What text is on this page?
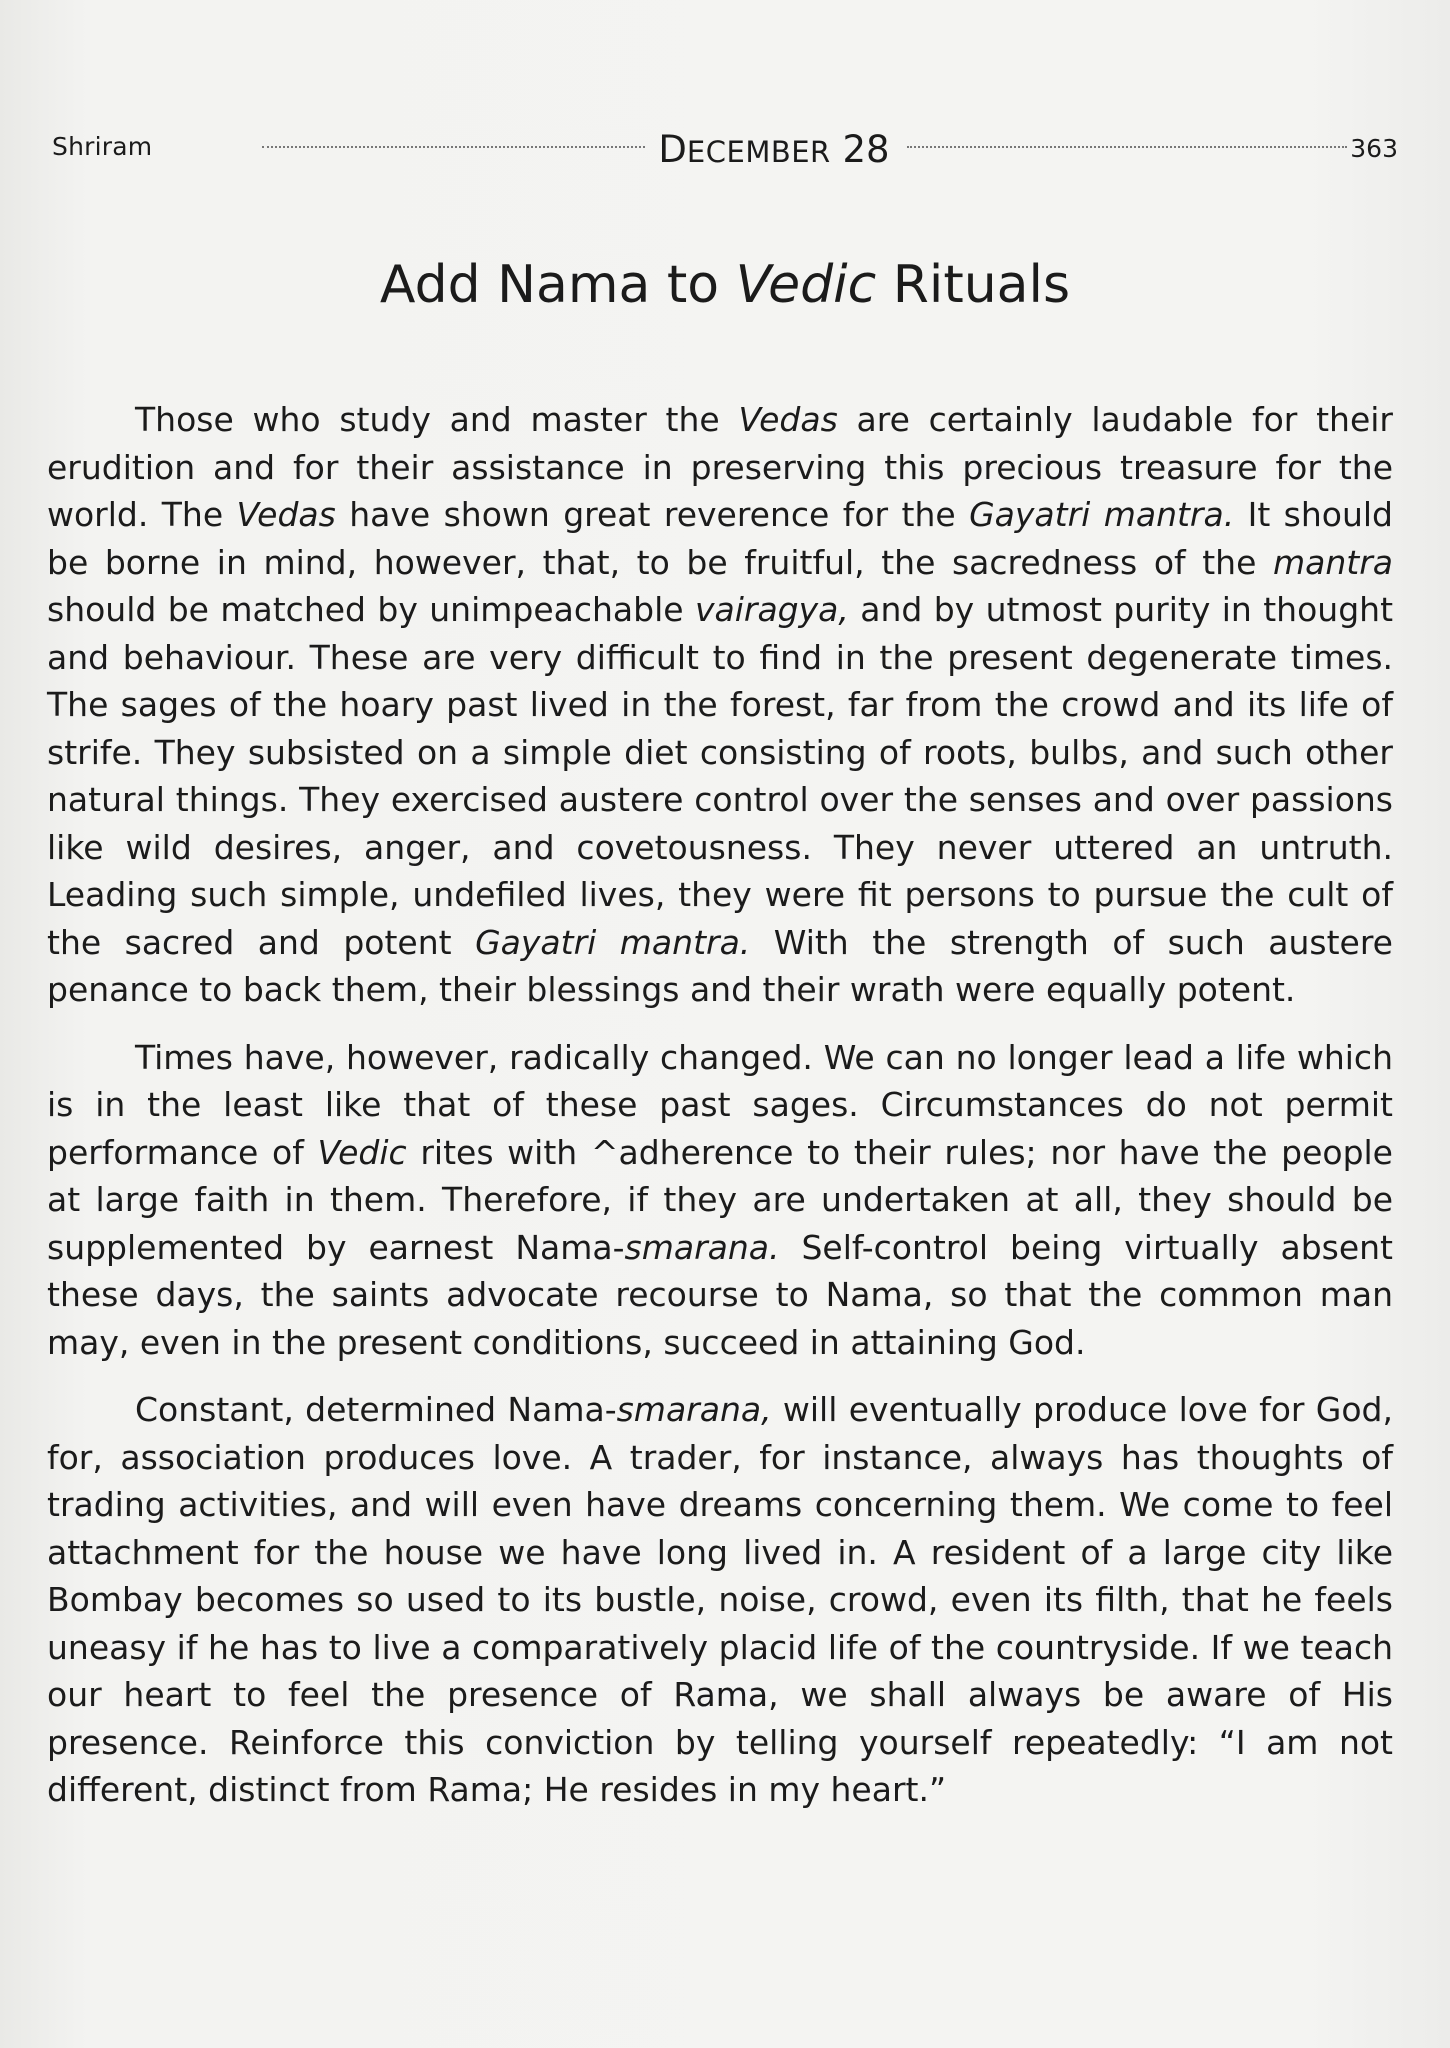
Shriram	DECEMBER 28	363
Add Nama to Vedic Rituals

Those who study and master the Vedas are certainly laudable for their erudition and for their assistance in preserving this precious treasure for the world. The Vedas have shown great reverence for the Gayatri mantra. It should be borne in mind, however, that, to be fruitful, the sacredness of the mantra should be matched by unimpeachable vairagya, and by utmost purity in thought and behaviour. These are very difficult to find in the present degenerate times. The sages of the hoary past lived in the forest, far from the crowd and its life of strife. They subsisted on a simple diet consisting of roots, bulbs, and such other natural things. They exercised austere control over the senses and over passions like wild desires, anger, and covetousness. They never uttered an untruth. Leading such simple, undefiled lives, they were fit persons to pursue the cult of the sacred and potent Gayatri mantra. With the strength of such austere penance to back them, their blessings and their wrath were equally potent.

Times have, however, radically changed. We can no longer lead a life which is in the least like that of these past sages. Circumstances do not permit performance of Vedic rites with ^adherence to their rules; nor have the people at large faith in them. Therefore, if they are undertaken at all, they should be supplemented by earnest Nama-smarana. Self-control being virtually absent these days, the saints advocate recourse to Nama, so that the common man may, even in the present conditions, succeed in attaining God.

Constant, determined Nama-smarana, will eventually produce love for God, for, association produces love. A trader, for instance, always has thoughts of trading activities, and will even have dreams concerning them. We come to feel attachment for the house we have long lived in. A resident of a large city like Bombay becomes so used to its bustle, noise, crowd, even its filth, that he feels uneasy if he has to live a comparatively placid life of the countryside. If we teach our heart to feel the presence of Rama, we shall always be aware of His presence. Reinforce this conviction by telling yourself repeatedly: “I am not different, distinct from Rama; He resides in my heart.”
